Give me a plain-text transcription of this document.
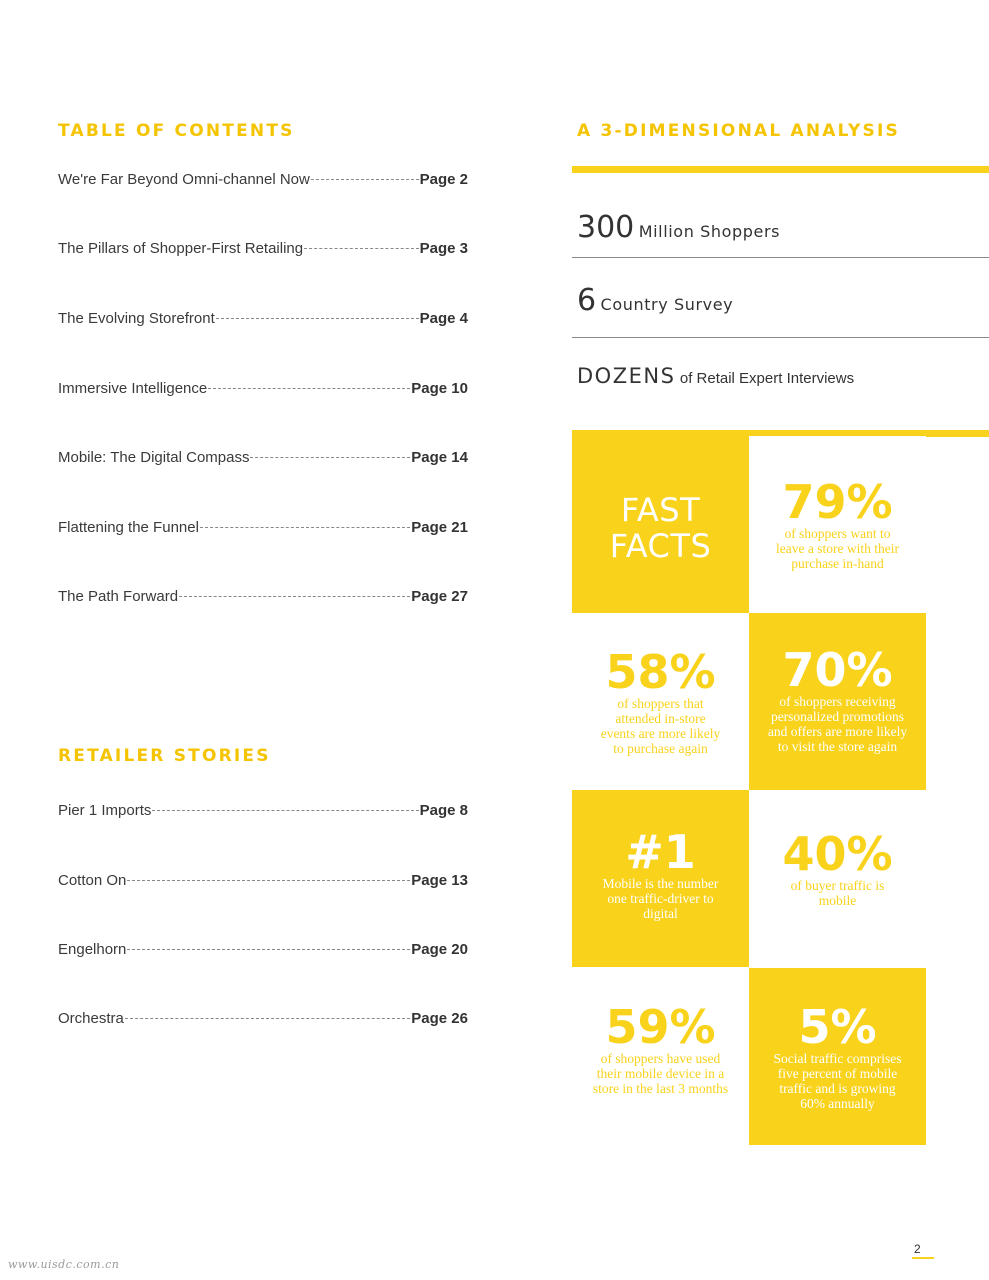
TABLE OF CONTENTS
We're Far Beyond Omni-channel Now	Page 2
The Pillars of Shopper-First Retailing	Page 3
The Evolving Storefront	Page 4
Immersive Intelligence	Page 10
Mobile: The Digital Compass	Page 14
Flattening the Funnel	Page 21
The Path Forward	Page 27
RETAILER STORIES
Pier 1 Imports	Page 8
Cotton On	Page 13
Engelhorn	Page 20
Orchestra	Page 26
A 3-DIMENSIONAL ANALYSIS
300 Million Shoppers
6 Country Survey
DOZENS of Retail Expert Interviews
FAST
FACTS
79%
of shoppers want to leave a store with their purchase in-hand
58%
of shoppers that attended in-store events are more likely to purchase again
70%
of shoppers receiving personalized promotions and offers are more likely to visit the store again
#1
Mobile is the number one traffic-driver to digital
40%
of buyer traffic is mobile
59%
of shoppers have used their mobile device in a store in the last 3 months
5%
Social traffic comprises five percent of mobile traffic and is growing 60% annually
2
www.uisdc.com.cn
